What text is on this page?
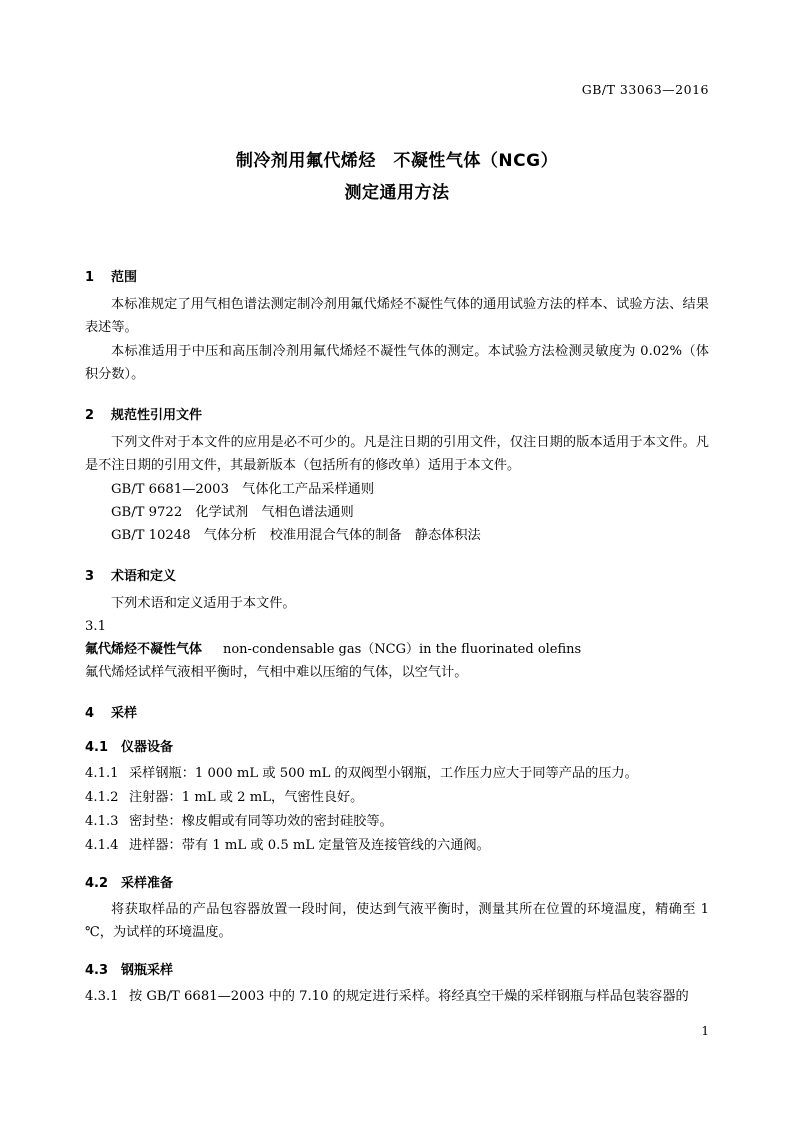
GB/T 33063—2016
制冷剂用氟代烯烃　不凝性气体（NCG）
测定通用方法
1 范围

本标准规定了用气相色谱法测定制冷剂用氟代烯烃不凝性气体的通用试验方法的样本、试验方法、结果表述等。

本标准适用于中压和高压制冷剂用氟代烯烃不凝性气体的测定。本试验方法检测灵敏度为 0.02%（体积分数）。

2 规范性引用文件

下列文件对于本文件的应用是必不可少的。凡是注日期的引用文件，仅注日期的版本适用于本文件。凡是不注日期的引用文件，其最新版本（包括所有的修改单）适用于本文件。

GB/T 6681—2003　气体化工产品采样通则

GB/T 9722　化学试剂　气相色谱法通则

GB/T 10248　气体分析　校准用混合气体的制备　静态体积法

3 术语和定义

下列术语和定义适用于本文件。

3.1

氟代烯烃不凝性气体 non-condensable gas（NCG）in the fluorinated olefins

氟代烯烃试样气液相平衡时，气相中难以压缩的气体，以空气计。

4 采样
4.1 仪器设备

4.1.1 采样钢瓶：1 000 mL 或 500 mL 的双阀型小钢瓶，工作压力应大于同等产品的压力。

4.1.2 注射器：1 mL 或 2 mL，气密性良好。

4.1.3 密封垫：橡皮帽或有同等功效的密封硅胶等。

4.1.4 进样器：带有 1 mL 或 0.5 mL 定量管及连接管线的六通阀。

4.2 采样准备

将获取样品的产品包容器放置一段时间，使达到气液平衡时，测量其所在位置的环境温度，精确至 1 ℃，为试样的环境温度。

4.3 钢瓶采样

4.3.1 按 GB/T 6681—2003 中的 7.10 的规定进行采样。将经真空干燥的采样钢瓶与样品包装容器的

1
